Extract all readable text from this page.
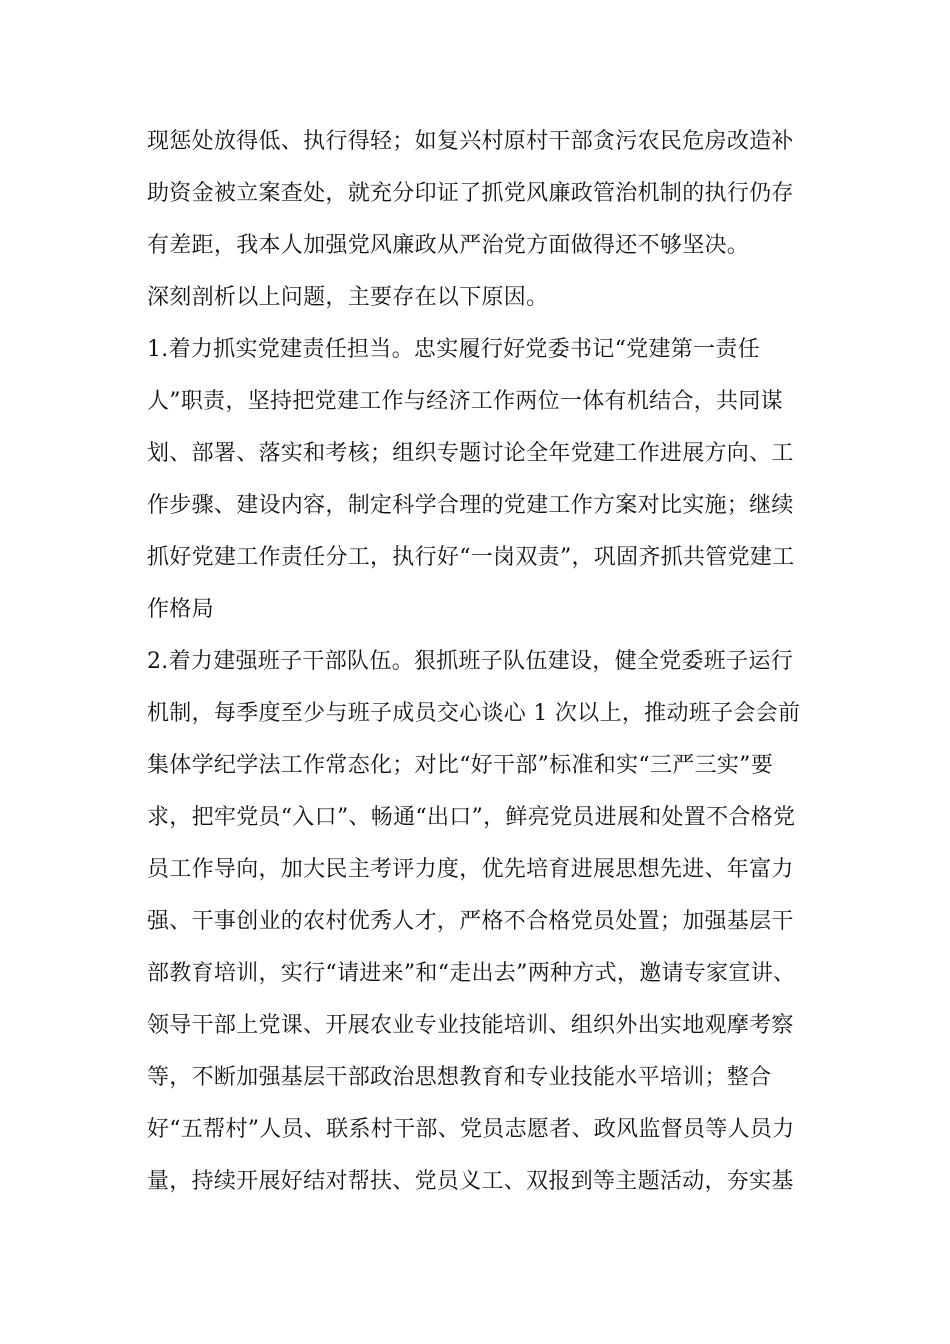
现惩处放得低、执行得轻；如复兴村原村干部贪污农民危房改造补
助资金被立案查处，就充分印证了抓党风廉政管治机制的执行仍存
有差距，我本人加强党风廉政从严治党方面做得还不够坚决。
深刻剖析以上问题，主要存在以下原因。
1.着力抓实党建责任担当。忠实履行好党委书记“党建第一责任
人”职责，坚持把党建工作与经济工作两位一体有机结合，共同谋
划、部署、落实和考核；组织专题讨论全年党建工作进展方向、工
作步骤、建设内容，制定科学合理的党建工作方案对比实施；继续
抓好党建工作责任分工，执行好“一岗双责”，巩固齐抓共管党建工
作格局
2.着力建强班子干部队伍。狠抓班子队伍建设，健全党委班子运行
机制，每季度至少与班子成员交心谈心 1 次以上，推动班子会会前
集体学纪学法工作常态化；对比“好干部”标准和实“三严三实”要
求，把牢党员“入口”、畅通“出口”，鲜亮党员进展和处置不合格党
员工作导向，加大民主考评力度，优先培育进展思想先进、年富力
强、干事创业的农村优秀人才，严格不合格党员处置；加强基层干
部教育培训，实行“请进来”和“走出去”两种方式，邀请专家宣讲、
领导干部上党课、开展农业专业技能培训、组织外出实地观摩考察
等，不断加强基层干部政治思想教育和专业技能水平培训；整合
好“五帮村”人员、联系村干部、党员志愿者、政风监督员等人员力
量，持续开展好结对帮扶、党员义工、双报到等主题活动，夯实基
